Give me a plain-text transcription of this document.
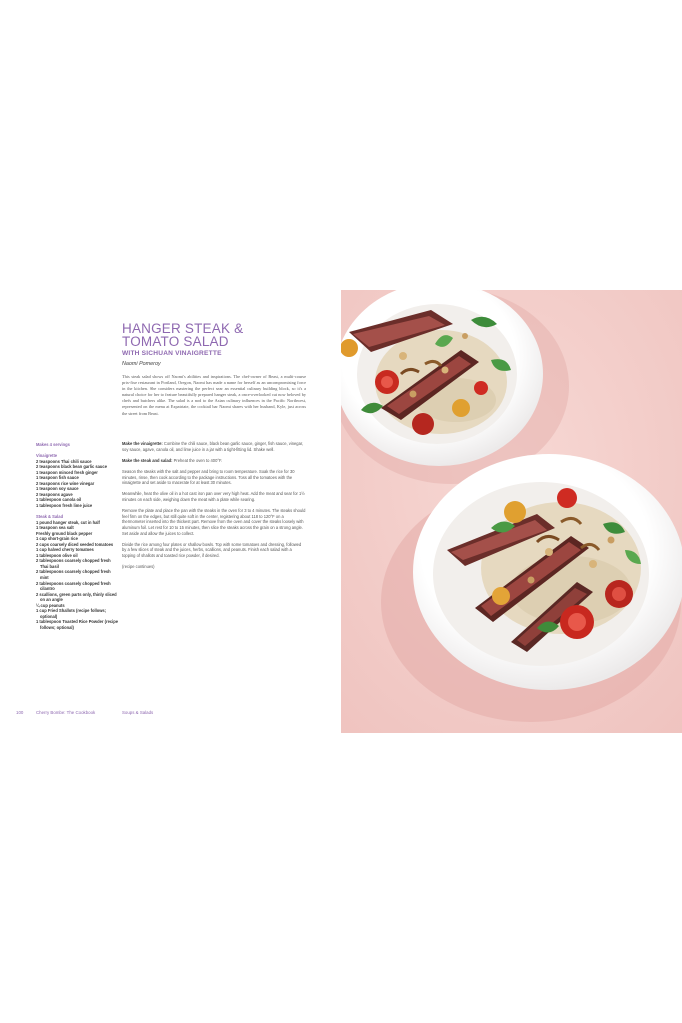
HANGER STEAK &
TOMATO SALAD
WITH SICHUAN VINAIGRETTE
Naomi Pomeroy
This steak salad shows off Naomi's abilities and inspirations. The chef-owner of Beast, a multi-course prix-fixe restaurant in Portland, Oregon, Naomi has made a name for herself as an uncompromising force in the kitchen. She considers mastering the perfect sear an essential culinary building block, so it's a natural choice for her to feature beautifully prepared hanger steak, a once-overlooked cut now beloved by chefs and butchers alike. The salad is a nod to the Asian culinary influences in the Pacific Northwest, represented on the menu at Expatriate, the cocktail bar Naomi shares with her husband, Kyle, just across the street from Beast.
Makes 4 servings
Vinaigrette
2 teaspoons Thai chili sauce
2 teaspoons black bean garlic sauce
1 teaspoon minced fresh ginger
1 teaspoon fish sauce
2 teaspoons rice wine vinegar
1 teaspoon soy sauce
2 teaspoons agave
1 tablespoon canola oil
1 tablespoon fresh lime juice
Steak & Salad
1 pound hanger steak, cut in half
1 teaspoon sea salt
Freshly ground black pepper
1 cup short-grain rice
2 cups coarsely diced seeded tomatoes
1 cup halved cherry tomatoes
1 tablespoon olive oil
2 tablespoons coarsely chopped fresh Thai basil
2 tablespoons coarsely chopped fresh mint
2 tablespoons coarsely chopped fresh cilantro
2 scallions, green parts only, thinly sliced on an angle
¼ cup peanuts
1 cup Fried Shallots (recipe follows; optional)
1 tablespoon Toasted Rice Powder (recipe follows; optional)

Make the vinaigrette: Combine the chili sauce, black bean garlic sauce, ginger, fish sauce, vinegar, soy sauce, agave, canola oil, and lime juice in a jar with a tight-fitting lid. Shake well.

Make the steak and salad: Preheat the oven to 400°F.

Season the steaks with the salt and pepper and bring to room temperature. Soak the rice for 30 minutes, rinse, then cook according to the package instructions. Toss all the tomatoes with the vinaigrette and set aside to macerate for at least 30 minutes.

Meanwhile, heat the olive oil in a hot cast iron pan over very high heat. Add the meat and sear for 1½ minutes on each side, weighing down the meat with a plate while searing.

Remove the plate and place the pan with the steaks in the oven for 3 to 4 minutes. The steaks should feel firm on the edges, but still quite soft in the center, registering about 118 to 120°F on a thermometer inserted into the thickest part. Remove from the oven and cover the steaks loosely with aluminum foil. Let rest for 10 to 15 minutes, then slice the steaks across the grain on a strong angle. Set aside and allow the juices to collect.

Divide the rice among four plates or shallow bowls. Top with some tomatoes and dressing, followed by a few slices of steak and the juices, herbs, scallions, and peanuts. Finish each salad with a topping of shallots and toasted rice powder, if desired.

(recipe continues)

100	Cherry Bombe: The Cookbook	Soups & Salads
